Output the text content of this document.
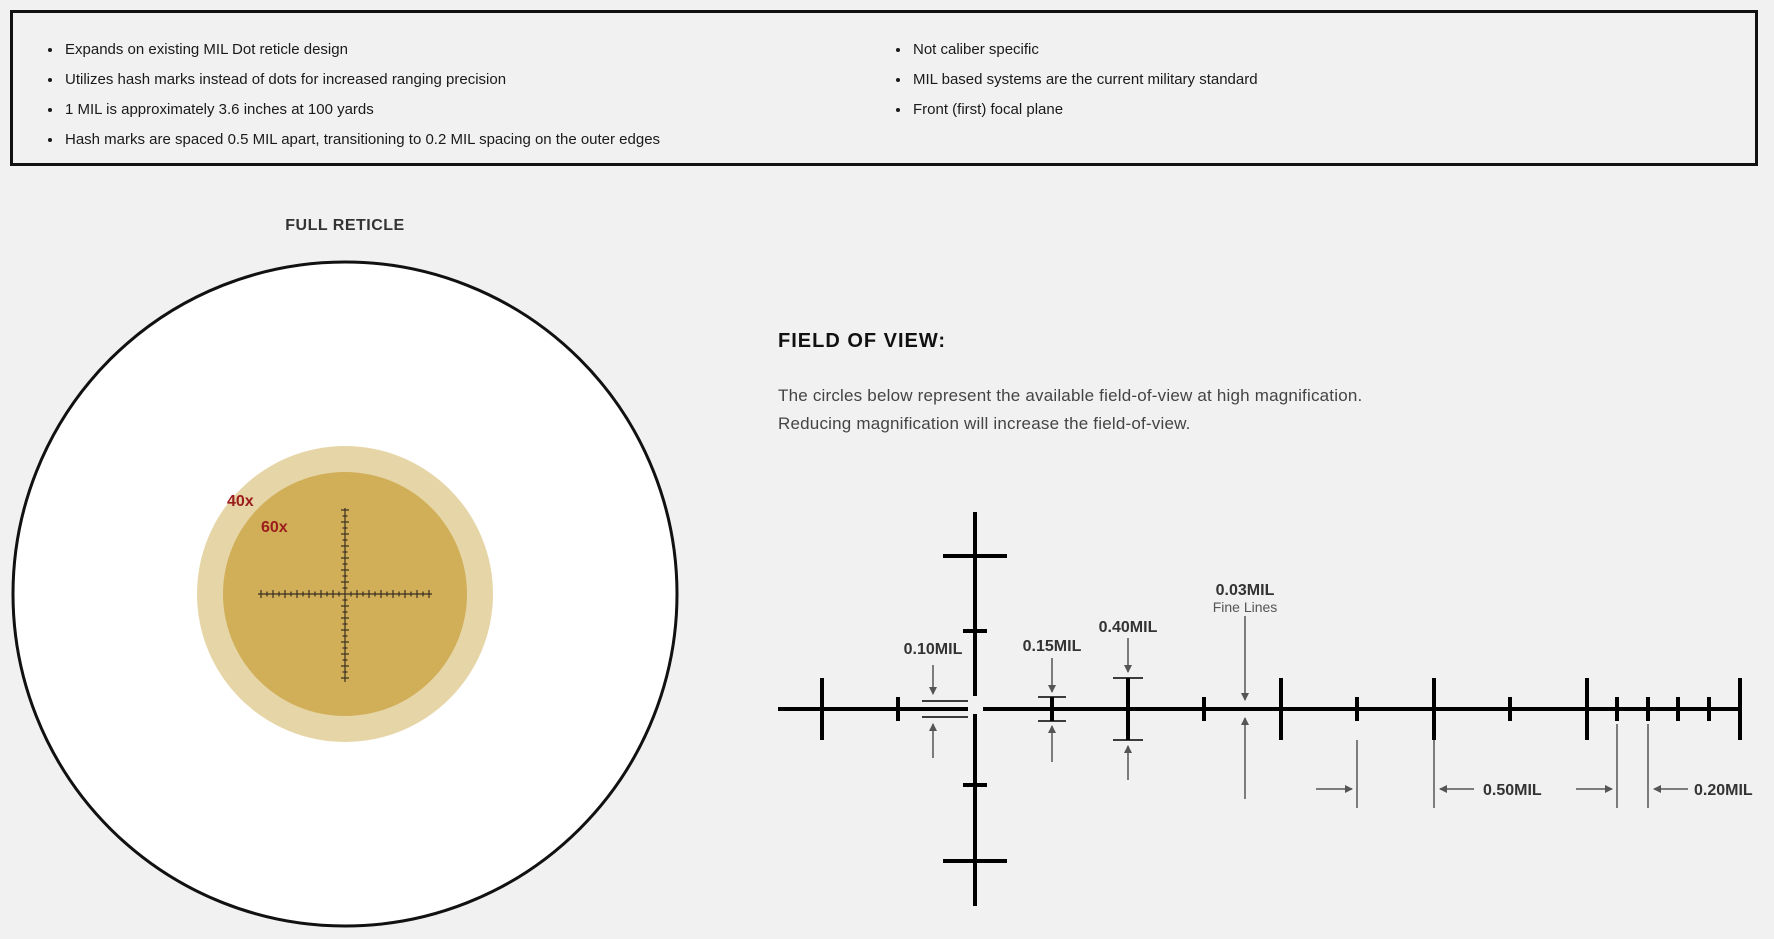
• Expands on existing MIL Dot reticle design
• Utilizes hash marks instead of dots for increased ranging precision
• 1 MIL is approximately 3.6 inches at 100 yards
• Hash marks are spaced 0.5 MIL apart, transitioning to 0.2 MIL spacing on the outer edges
• Not caliber specific
• MIL based systems are the current military standard
• Front (first) focal plane
FULL RETICLE
40x
60x
FIELD OF VIEW:
The circles below represent the available field-of-view at high magnification.
Reducing magnification will increase the field-of-view.
0.10MIL	0.15MIL
0.40MIL
0.03MIL
Fine Lines
0.50MIL	0.20MIL
